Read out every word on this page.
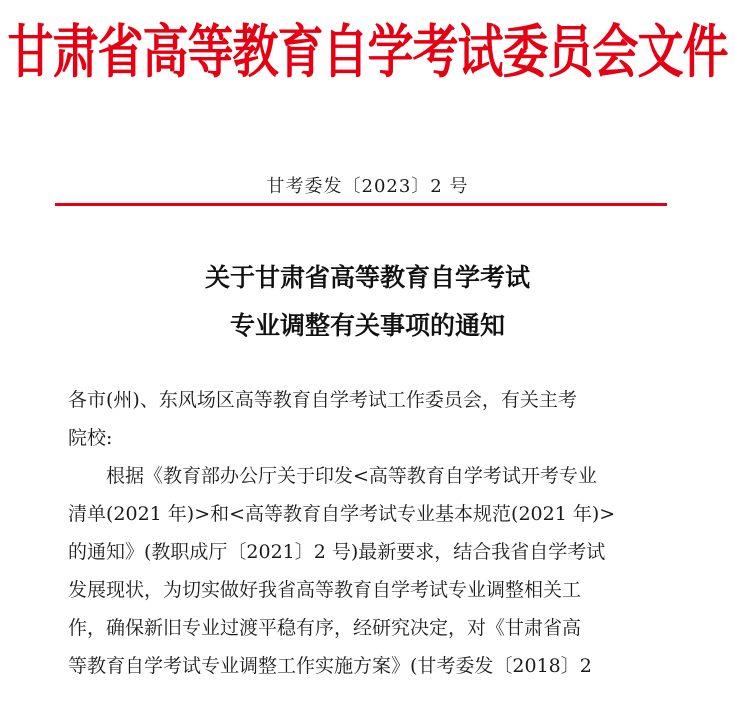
甘肃省高等教育自学考试委员会文件
甘考委发〔2023〕2 号
关于甘肃省高等教育自学考试
专业调整有关事项的通知
各市(州)、东风场区高等教育自学考试工作委员会，有关主考
院校:
根据《教育部办公厅关于印发<高等教育自学考试开考专业
清单(2021 年)>和<高等教育自学考试专业基本规范(2021 年)>
的通知》(教职成厅〔2021〕2 号)最新要求，结合我省自学考试
发展现状，为切实做好我省高等教育自学考试专业调整相关工
作，确保新旧专业过渡平稳有序，经研究决定，对《甘肃省高
等教育自学考试专业调整工作实施方案》(甘考委发〔2018〕2
